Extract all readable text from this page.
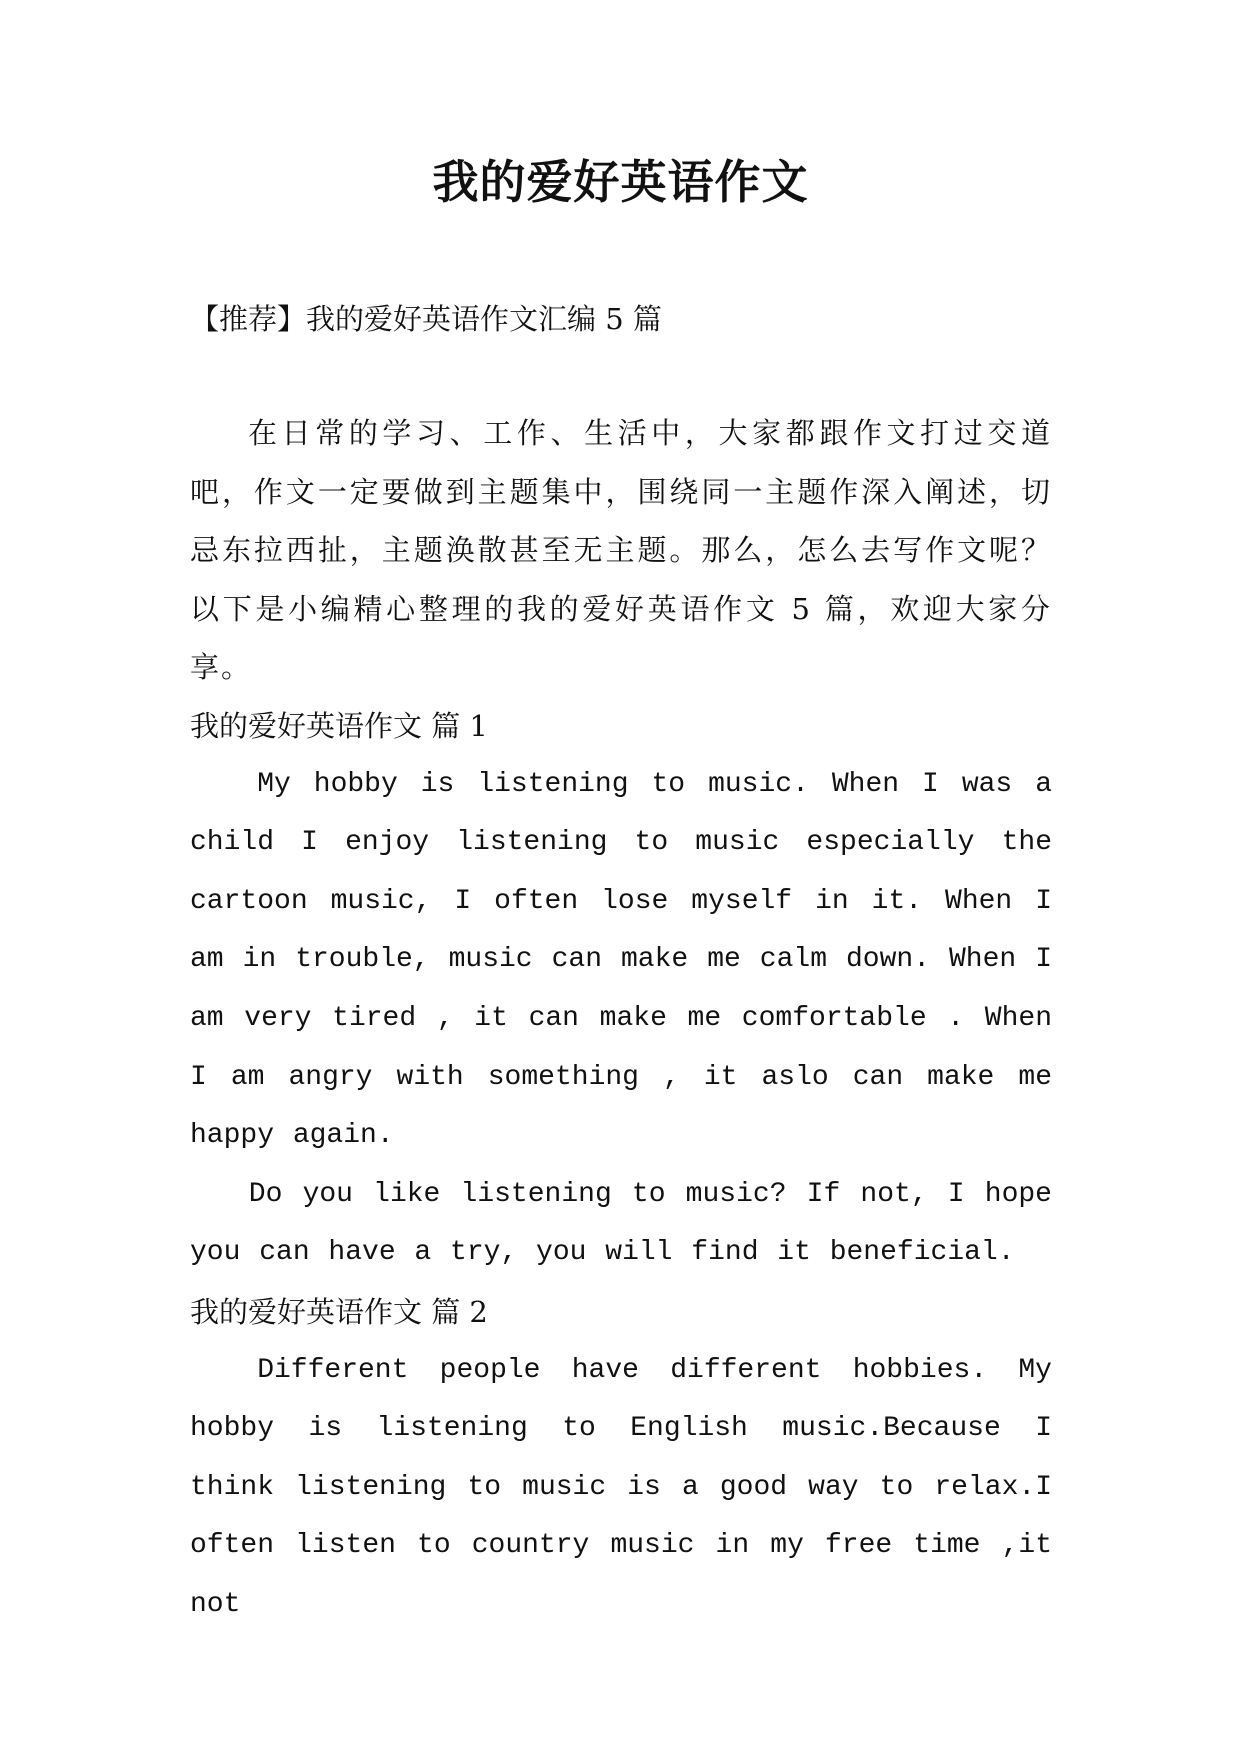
我的爱好英语作文

【推荐】我的爱好英语作文汇编 5 篇

在日常的学习、工作、生活中，大家都跟作文打过交道吧，作文一定要做到主题集中，围绕同一主题作深入阐述，切忌东拉西扯，主题涣散甚至无主题。那么，怎么去写作文呢？以下是小编精心整理的我的爱好英语作文 5 篇，欢迎大家分享。

我的爱好英语作文 篇 1

My hobby is listening to music. When I was a child I enjoy listening to music especially the cartoon music, I often lose myself in it. When I am in trouble, music can make me calm down. When I am very tired , it can make me comfortable . When I am angry with something , it aslo can make me happy again.

Do you like listening to music? If not, I hope you can have a try, you will find it beneficial.

我的爱好英语作文 篇 2

Different people have different hobbies. My hobby is listening to English music.Because I think listening to music is a good way to relax.I often listen to country music in my free time ,it not
